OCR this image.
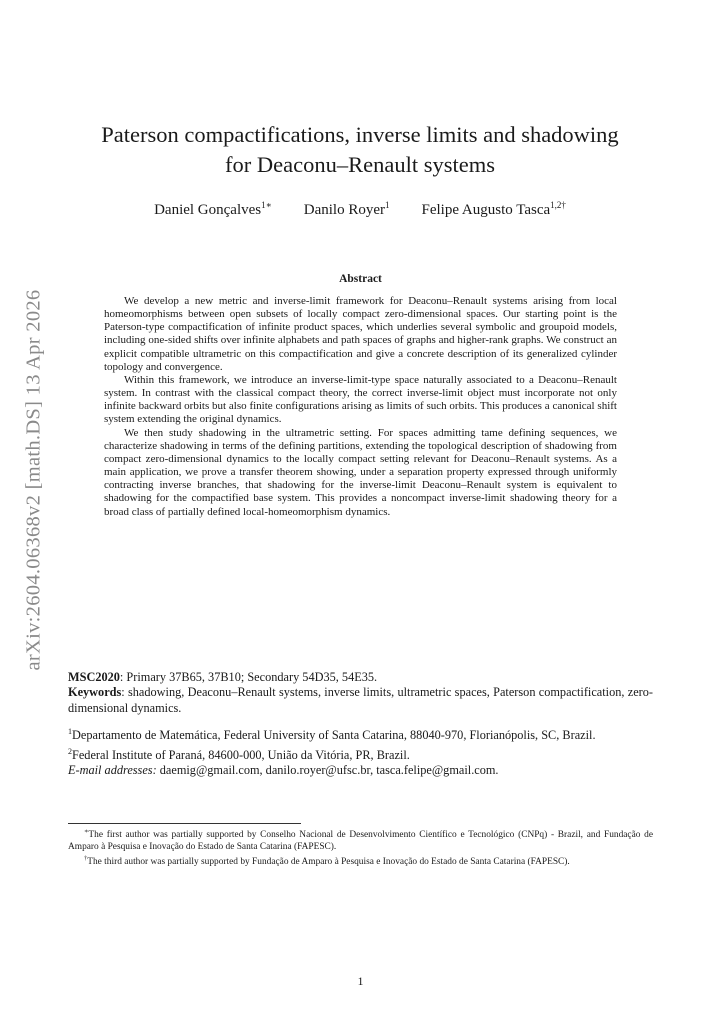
arXiv:2604.06368v2 [math.DS] 13 Apr 2026
Paterson compactifications, inverse limits and shadowing
for Deaconu–Renault systems
Daniel Gonçalves$^{1∗}$ Danilo Royer$^1$ Felipe Augusto Tasca$^{1,2\dagger}$
Abstract

We develop a new metric and inverse-limit framework for Deaconu–Renault systems arising from local homeomorphisms between open subsets of locally compact zero-dimensional spaces. Our starting point is the Paterson-type compactification of infinite product spaces, which underlies several symbolic and groupoid models, including one-sided shifts over infinite alphabets and path spaces of graphs and higher-rank graphs. We construct an explicit compatible ultrametric on this compactification and give a concrete description of its generalized cylinder topology and convergence.

Within this framework, we introduce an inverse-limit-type space naturally associated to a Deaconu–Renault system. In contrast with the classical compact theory, the correct inverse-limit object must incorporate not only infinite backward orbits but also finite configurations arising as limits of such orbits. This produces a canonical shift system extending the original dynamics.

We then study shadowing in the ultrametric setting. For spaces admitting tame defining sequences, we characterize shadowing in terms of the defining partitions, extending the topological description of shadowing from compact zero-dimensional dynamics to the locally compact setting relevant for Deaconu–Renault systems. As a main application, we prove a transfer theorem showing, under a separation property expressed through uniformly contracting inverse branches, that shadowing for the inverse-limit Deaconu–Renault system is equivalent to shadowing for the compactified base system. This provides a noncompact inverse-limit shadowing theory for a broad class of partially defined local-homeomorphism dynamics.

MSC2020: Primary 37B65, 37B10; Secondary 54D35, 54E35.

Keywords: shadowing, Deaconu–Renault systems, inverse limits, ultrametric spaces, Paterson compactification, zero-dimensional dynamics.

$^1$Departamento de Matemática, Federal University of Santa Catarina, 88040-970, Florianópolis, SC, Brazil.

$^2$Federal Institute of Paraná, 84600-000, União da Vitória, PR, Brazil.

E-mail addresses: daemig@gmail.com, danilo.royer@ufsc.br, tasca.felipe@gmail.com.

∗The first author was partially supported by Conselho Nacional de Desenvolvimento Científico e Tecnológico (CNPq) - Brazil, and Fundação de Amparo à Pesquisa e Inovação do Estado de Santa Catarina (FAPESC).

†The third author was partially supported by Fundação de Amparo à Pesquisa e Inovação do Estado de Santa Catarina (FAPESC).

1
